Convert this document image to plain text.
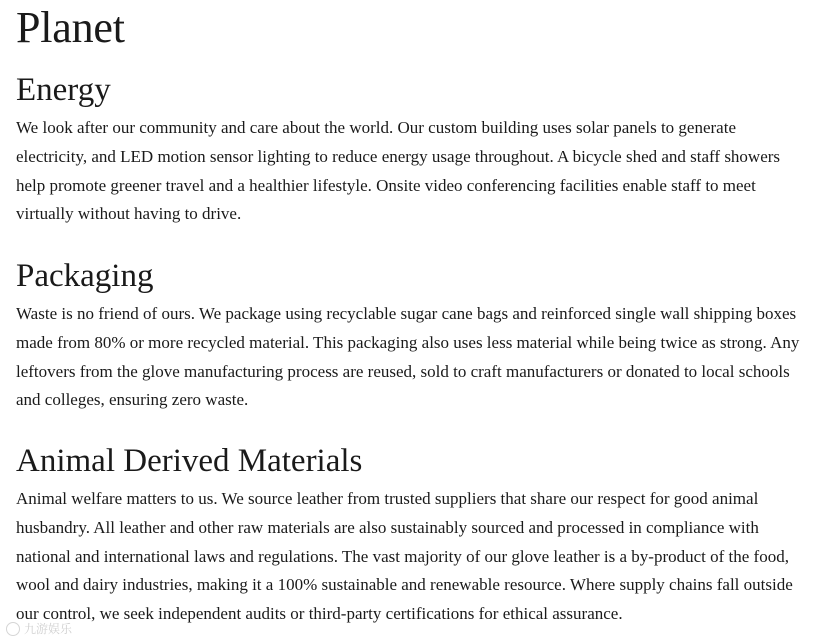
Planet
Energy

We look after our community and care about the world. Our custom building uses solar panels to generate electricity, and LED motion sensor lighting to reduce energy usage throughout. A bicycle shed and staff showers help promote greener travel and a healthier lifestyle. Onsite video conferencing facilities enable staff to meet virtually without having to drive.

Packaging

Waste is no friend of ours. We package using recyclable sugar cane bags and reinforced single wall shipping boxes made from 80% or more recycled material. This packaging also uses less material while being twice as strong. Any leftovers from the glove manufacturing process are reused, sold to craft manufacturers or donated to local schools and colleges, ensuring zero waste.

Animal Derived Materials

Animal welfare matters to us. We source leather from trusted suppliers that share our respect for good animal husbandry. All leather and other raw materials are also sustainably sourced and processed in compliance with national and international laws and regulations. The vast majority of our glove leather is a by-product of the food, wool and dairy industries, making it a 100% sustainable and renewable resource. Where supply chains fall outside our control, we seek independent audits or third-party certifications for ethical assurance.

九游娱乐
